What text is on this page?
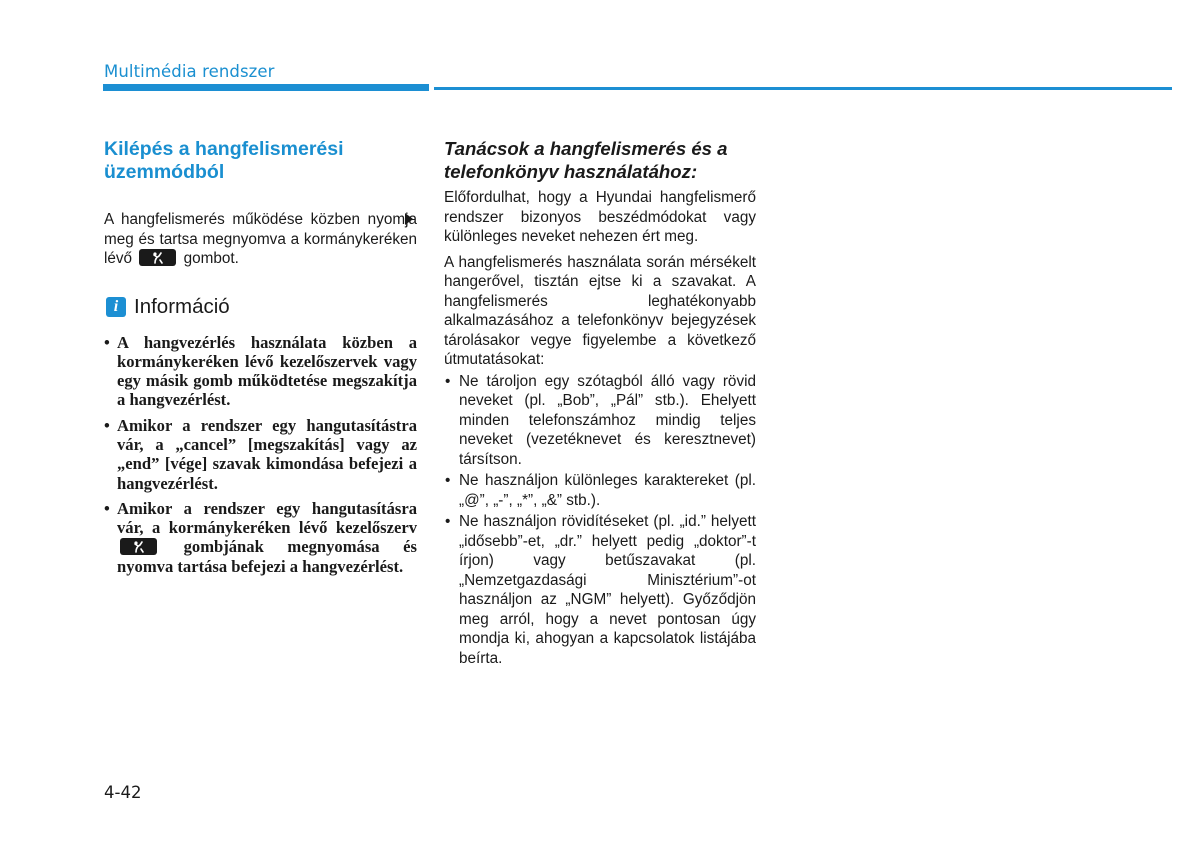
Multimédia rendszer
Kilépés a hangfelismerési üzemmódból

A hangfelismerés működése közben nyomja meg és tartsa megnyomva a kormánykeréken lévő	gombot.

i Információ
• A hangvezérlés használata közben a kormánykeréken lévő kezelőszervek vagy egy másik gomb működtetése megszakítja a hangvezérlést.
• Amikor a rendszer egy hangutasítástra vár, a „cancel” [megszakítás] vagy az „end” [vége] szavak kimondása befejezi a hangvezérlést.
• Amikor a rendszer egy hangutasításra vár, a kormánykeréken lévő kezelőszerv
gombjának megnyomása és nyomva tartása befejezi a hangvezérlést.
Tanácsok a hangfelismerés és a telefonkönyv használatához:

Előfordulhat, hogy a Hyundai hangfelismerő rendszer bizonyos beszédmódokat vagy különleges neveket nehezen ért meg.

A hangfelismerés használata során mérsékelt hangerővel, tisztán ejtse ki a szavakat. A hangfelismerés leghatékonyabb alkalmazásához a telefonkönyv bejegyzések tárolásakor vegye figyelembe a következő útmutatásokat:

• Ne tároljon egy szótagból álló vagy rövid neveket (pl. „Bob”, „Pál” stb.). Ehelyett minden telefonszámhoz mindig teljes neveket (vezetéknevet és keresztnevet) társítson.
• Ne használjon különleges karaktereket (pl. „@”, „-”, „*”, „&” stb.).
• Ne használjon rövidítéseket (pl. „id.” helyett „idősebb”-et, „dr.” helyett pedig „doktor”-t írjon) vagy betűszavakat (pl. „Nemzetgazdasági Minisztérium”-ot használjon az „NGM” helyett). Győződjön meg arról, hogy a nevet pontosan úgy mondja ki, ahogyan a kapcsolatok listájába beírta.
4-42
